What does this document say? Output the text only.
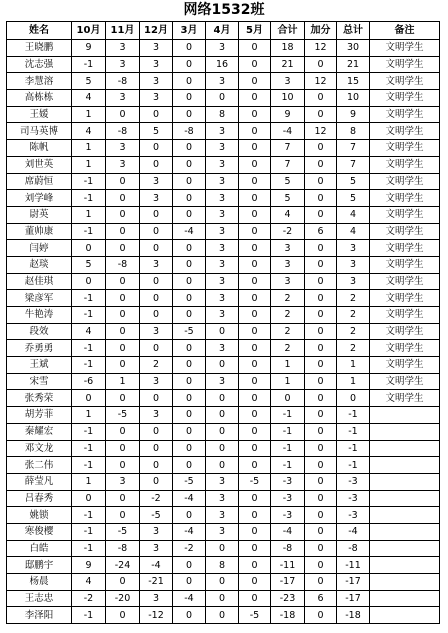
网络1532班
姓名	10月	11月	12月	3月	4月	5月	合计	加分	总计	备注
王晓鹏	9	3	3	0	3	0	18	12	30	文明学生
沈志强	-1	3	3	0	16	0	21	0	21	文明学生
李慧溶	5	-8	3	0	3	0	3	12	15	文明学生
高栋栋	4	3	3	0	0	0	10	0	10	文明学生
王媛	1	0	0	0	8	0	9	0	9	文明学生
司马英博	4	-8	5	-8	3	0	-4	12	8	文明学生
陈帆	1	3	0	0	3	0	7	0	7	文明学生
刘世英	1	3	0	0	3	0	7	0	7	文明学生
席蔚恒	-1	0	3	0	3	0	5	0	5	文明学生
刘学峰	-1	0	3	0	3	0	5	0	5	文明学生
尉英	1	0	0	0	3	0	4	0	4	文明学生
董帅康	-1	0	0	-4	3	0	-2	6	4	文明学生
闫婷	0	0	0	0	3	0	3	0	3	文明学生
赵琰	5	-8	3	0	3	0	3	0	3	文明学生
赵佳琪	0	0	0	0	3	0	3	0	3	文明学生
梁彦军	-1	0	0	0	3	0	2	0	2	文明学生
牛艳涛	-1	0	0	0	3	0	2	0	2	文明学生
段效	4	0	3	-5	0	0	2	0	2	文明学生
乔勇勇	-1	0	0	0	3	0	2	0	2	文明学生
王斌	-1	0	2	0	0	0	1	0	1	文明学生
宋雪	-6	1	3	0	3	0	1	0	1	文明学生
张秀荣	0	0	0	0	0	0	0	0	0	文明学生
胡芳菲	1	-5	3	0	0	0	-1	0	-1	
秦耀宏	-1	0	0	0	0	0	-1	0	-1	
邓文龙	-1	0	0	0	0	0	-1	0	-1	
张二伟	-1	0	0	0	0	0	-1	0	-1	
薛莹凡	1	3	0	-5	3	-5	-3	0	-3	
吕春秀	0	0	-2	-4	3	0	-3	0	-3	
姚锁	-1	0	-5	0	3	0	-3	0	-3	
寒俊樱	-1	-5	3	-4	3	0	-4	0	-4	
白皓	-1	-8	3	-2	0	0	-8	0	-8	
邸鹏宇	9	-24	-4	0	8	0	-11	0	-11	
杨晨	4	0	-21	0	0	0	-17	0	-17	
王志忠	-2	-20	3	-4	0	0	-23	6	-17	
李泽阳	-1	0	-12	0	0	-5	-18	0	-18	
